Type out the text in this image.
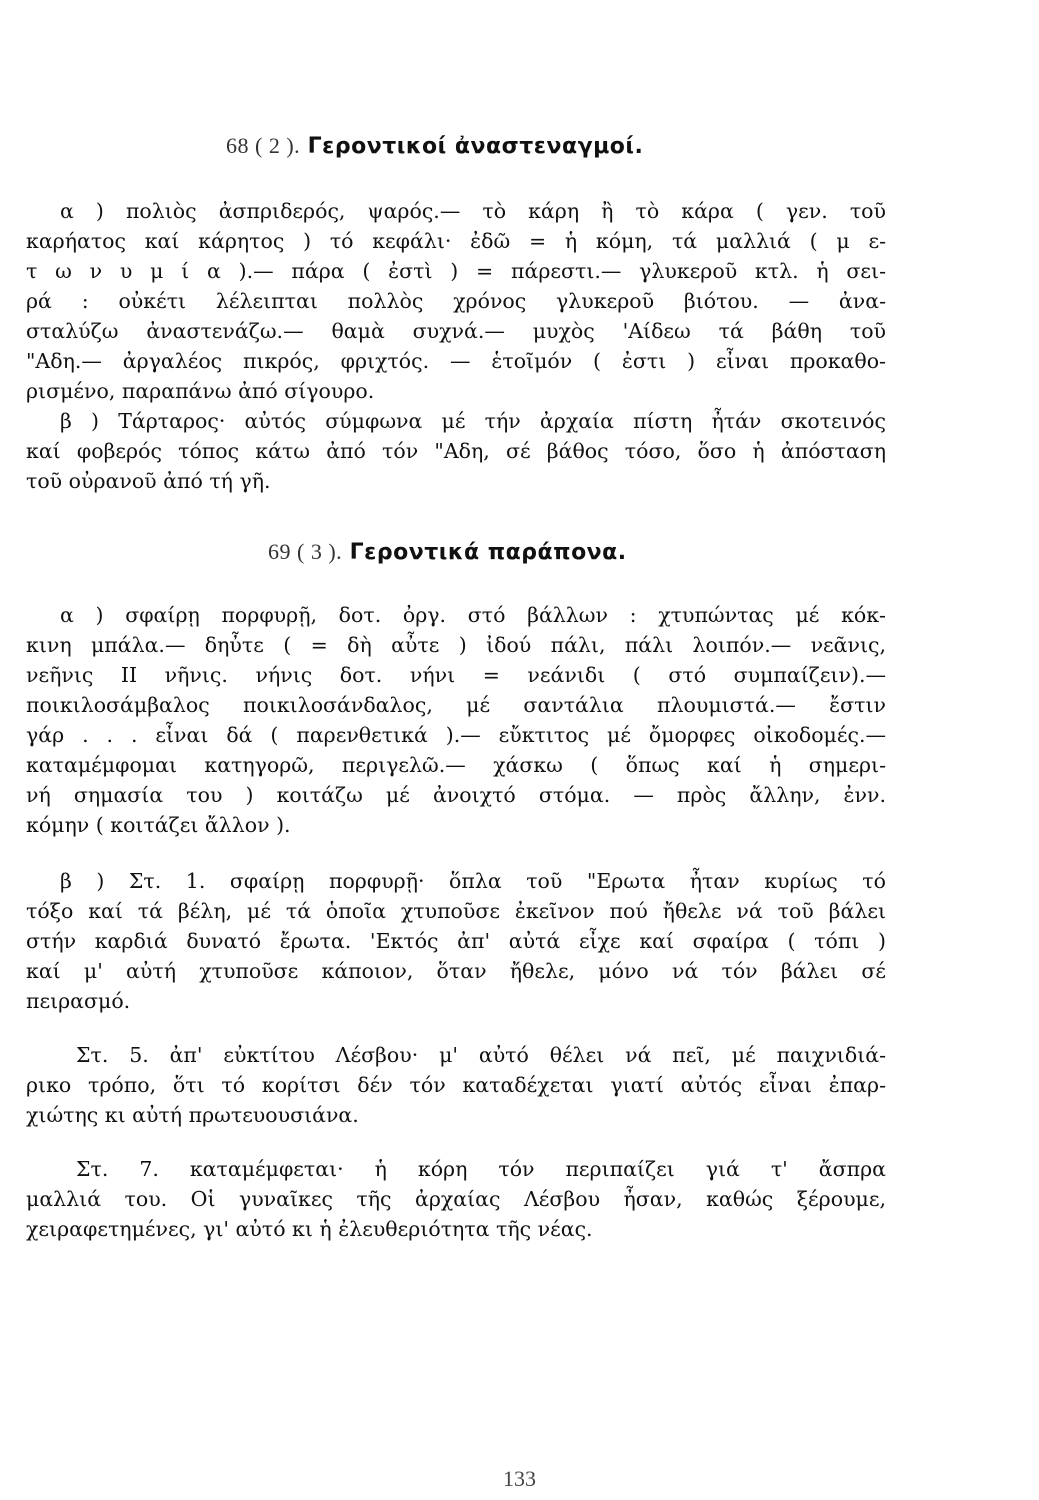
68 ( 2 ). Γεροντικοί ἀναστεναγμοί.
α ) πολιὸς ἀσπριδερός, ψαρός.— τὸ κάρη ἢ τὸ κάρα ( γεν. τοῦ
καρήατος καί κάρητος ) τό κεφάλι· ἐδῶ = ἡ κόμη, τά μαλλιά ( μ ε-
τ ω ν υ μ ί α ).— πάρα ( ἐστὶ ) = πάρεστι.— γλυκεροῦ κτλ. ἡ σει-
ρά : οὐκέτι λέλειπται πολλὸς χρόνος γλυκεροῦ βιότου. — ἀνα-
σταλύζω ἀναστενάζω.— θαμὰ συχνά.— μυχὸς 'Αίδεω τά βάθη τοῦ
"Αδη.— ἀργαλέος πικρός, φριχτός. — ἑτοῖμόν ( ἐστι ) εἶναι προκαθο-
ρισμένο, παραπάνω ἀπό σίγουρο.
β ) Τάρταρος· αὐτός σύμφωνα μέ τήν ἀρχαία πίστη ἦτάν σκοτεινός
καί φοβερός τόπος κάτω ἀπό τόν "Αδη, σέ βάθος τόσο, ὅσο ἡ ἀπόσταση
τοῦ οὐρανοῦ ἀπό τή γῆ.
69 ( 3 ). Γεροντικά παράπονα.
α ) σφαίρῃ πορφυρῇ, δοτ. ὀργ. στό βάλλων : χτυπώντας μέ κόκ-
κινη μπάλα.— δηὖτε ( = δὴ αὖτε ) ἰδού πάλι, πάλι λοιπόν.— νεᾶνις,
νεῆνις ΙΙ νῆνις. νήνις δοτ. νήνι = νεάνιδι ( στό συμπαίζειν).—
ποικιλοσάμβαλος ποικιλοσάνδαλος, μέ σαντάλια πλουμιστά.— ἔστιν
γάρ . . . εἶναι δά ( παρενθετικά ).— εὔκτιτος μέ ὄμορφες οἰκοδομές.—
καταμέμφομαι κατηγορῶ, περιγελῶ.— χάσκω ( ὅπως καί ἡ σημερι-
νή σημασία του ) κοιτάζω μέ ἀνοιχτό στόμα. — πρὸς ἄλλην, ἐνν.
κόμην ( κοιτάζει ἄλλον ).
β ) Στ. 1. σφαίρῃ πορφυρῇ· ὅπλα τοῦ "Ερωτα ἦταν κυρίως τό
τόξο καί τά βέλη, μέ τά ὁποῖα χτυποῦσε ἐκεῖνον πού ἤθελε νά τοῦ βάλει
στήν καρδιά δυνατό ἔρωτα. 'Εκτός ἀπ' αὐτά εἶχε καί σφαίρα ( τόπι )
καί μ' αὐτή χτυποῦσε κάποιον, ὅταν ἤθελε, μόνο νά τόν βάλει σέ
πειρασμό.
Στ. 5. ἀπ' εὐκτίτου Λέσβου· μ' αὐτό θέλει νά πεῖ, μέ παιχνιδιά-
ρικο τρόπο, ὅτι τό κορίτσι δέν τόν καταδέχεται γιατί αὐτός εἶναι ἐπαρ-
χιώτης κι αὐτή πρωτευουσιάνα.
Στ. 7. καταμέμφεται· ἡ κόρη τόν περιπαίζει γιά τ' ἄσπρα
μαλλιά του. Οἱ γυναῖκες τῆς ἀρχαίας Λέσβου ἦσαν, καθώς ξέρουμε,
χειραφετημένες, γι' αὐτό κι ἡ ἐλευθεριότητα τῆς νέας.
133
